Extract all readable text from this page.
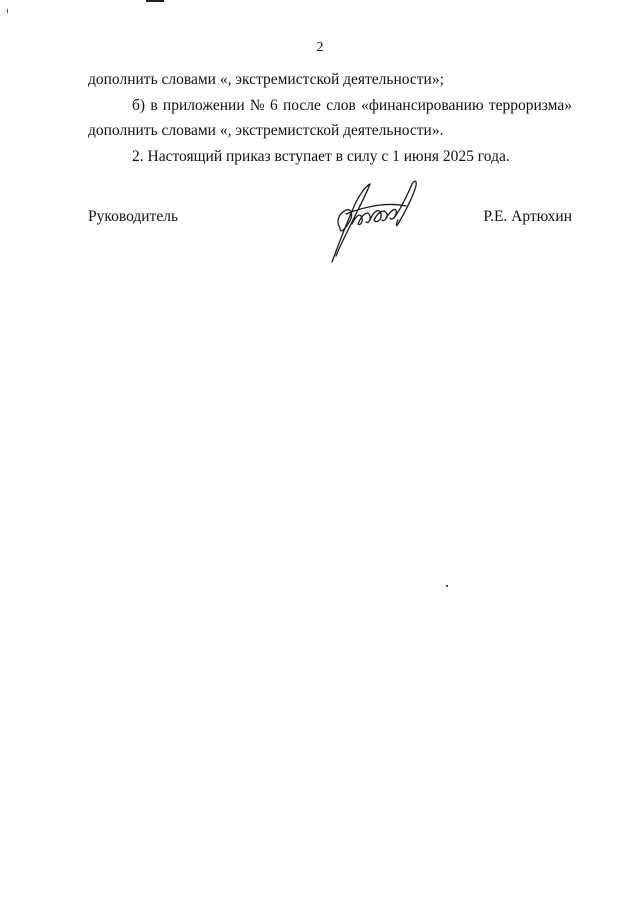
2
дополнить словами «, экстремистской деятельности»;
б) в приложении № 6 после слов «финансированию терроризма»
дополнить словами «, экстремистской деятельности».
2. Настоящий приказ вступает в силу с 1 июня 2025 года.
Руководитель	Р.Е. Артюхин
